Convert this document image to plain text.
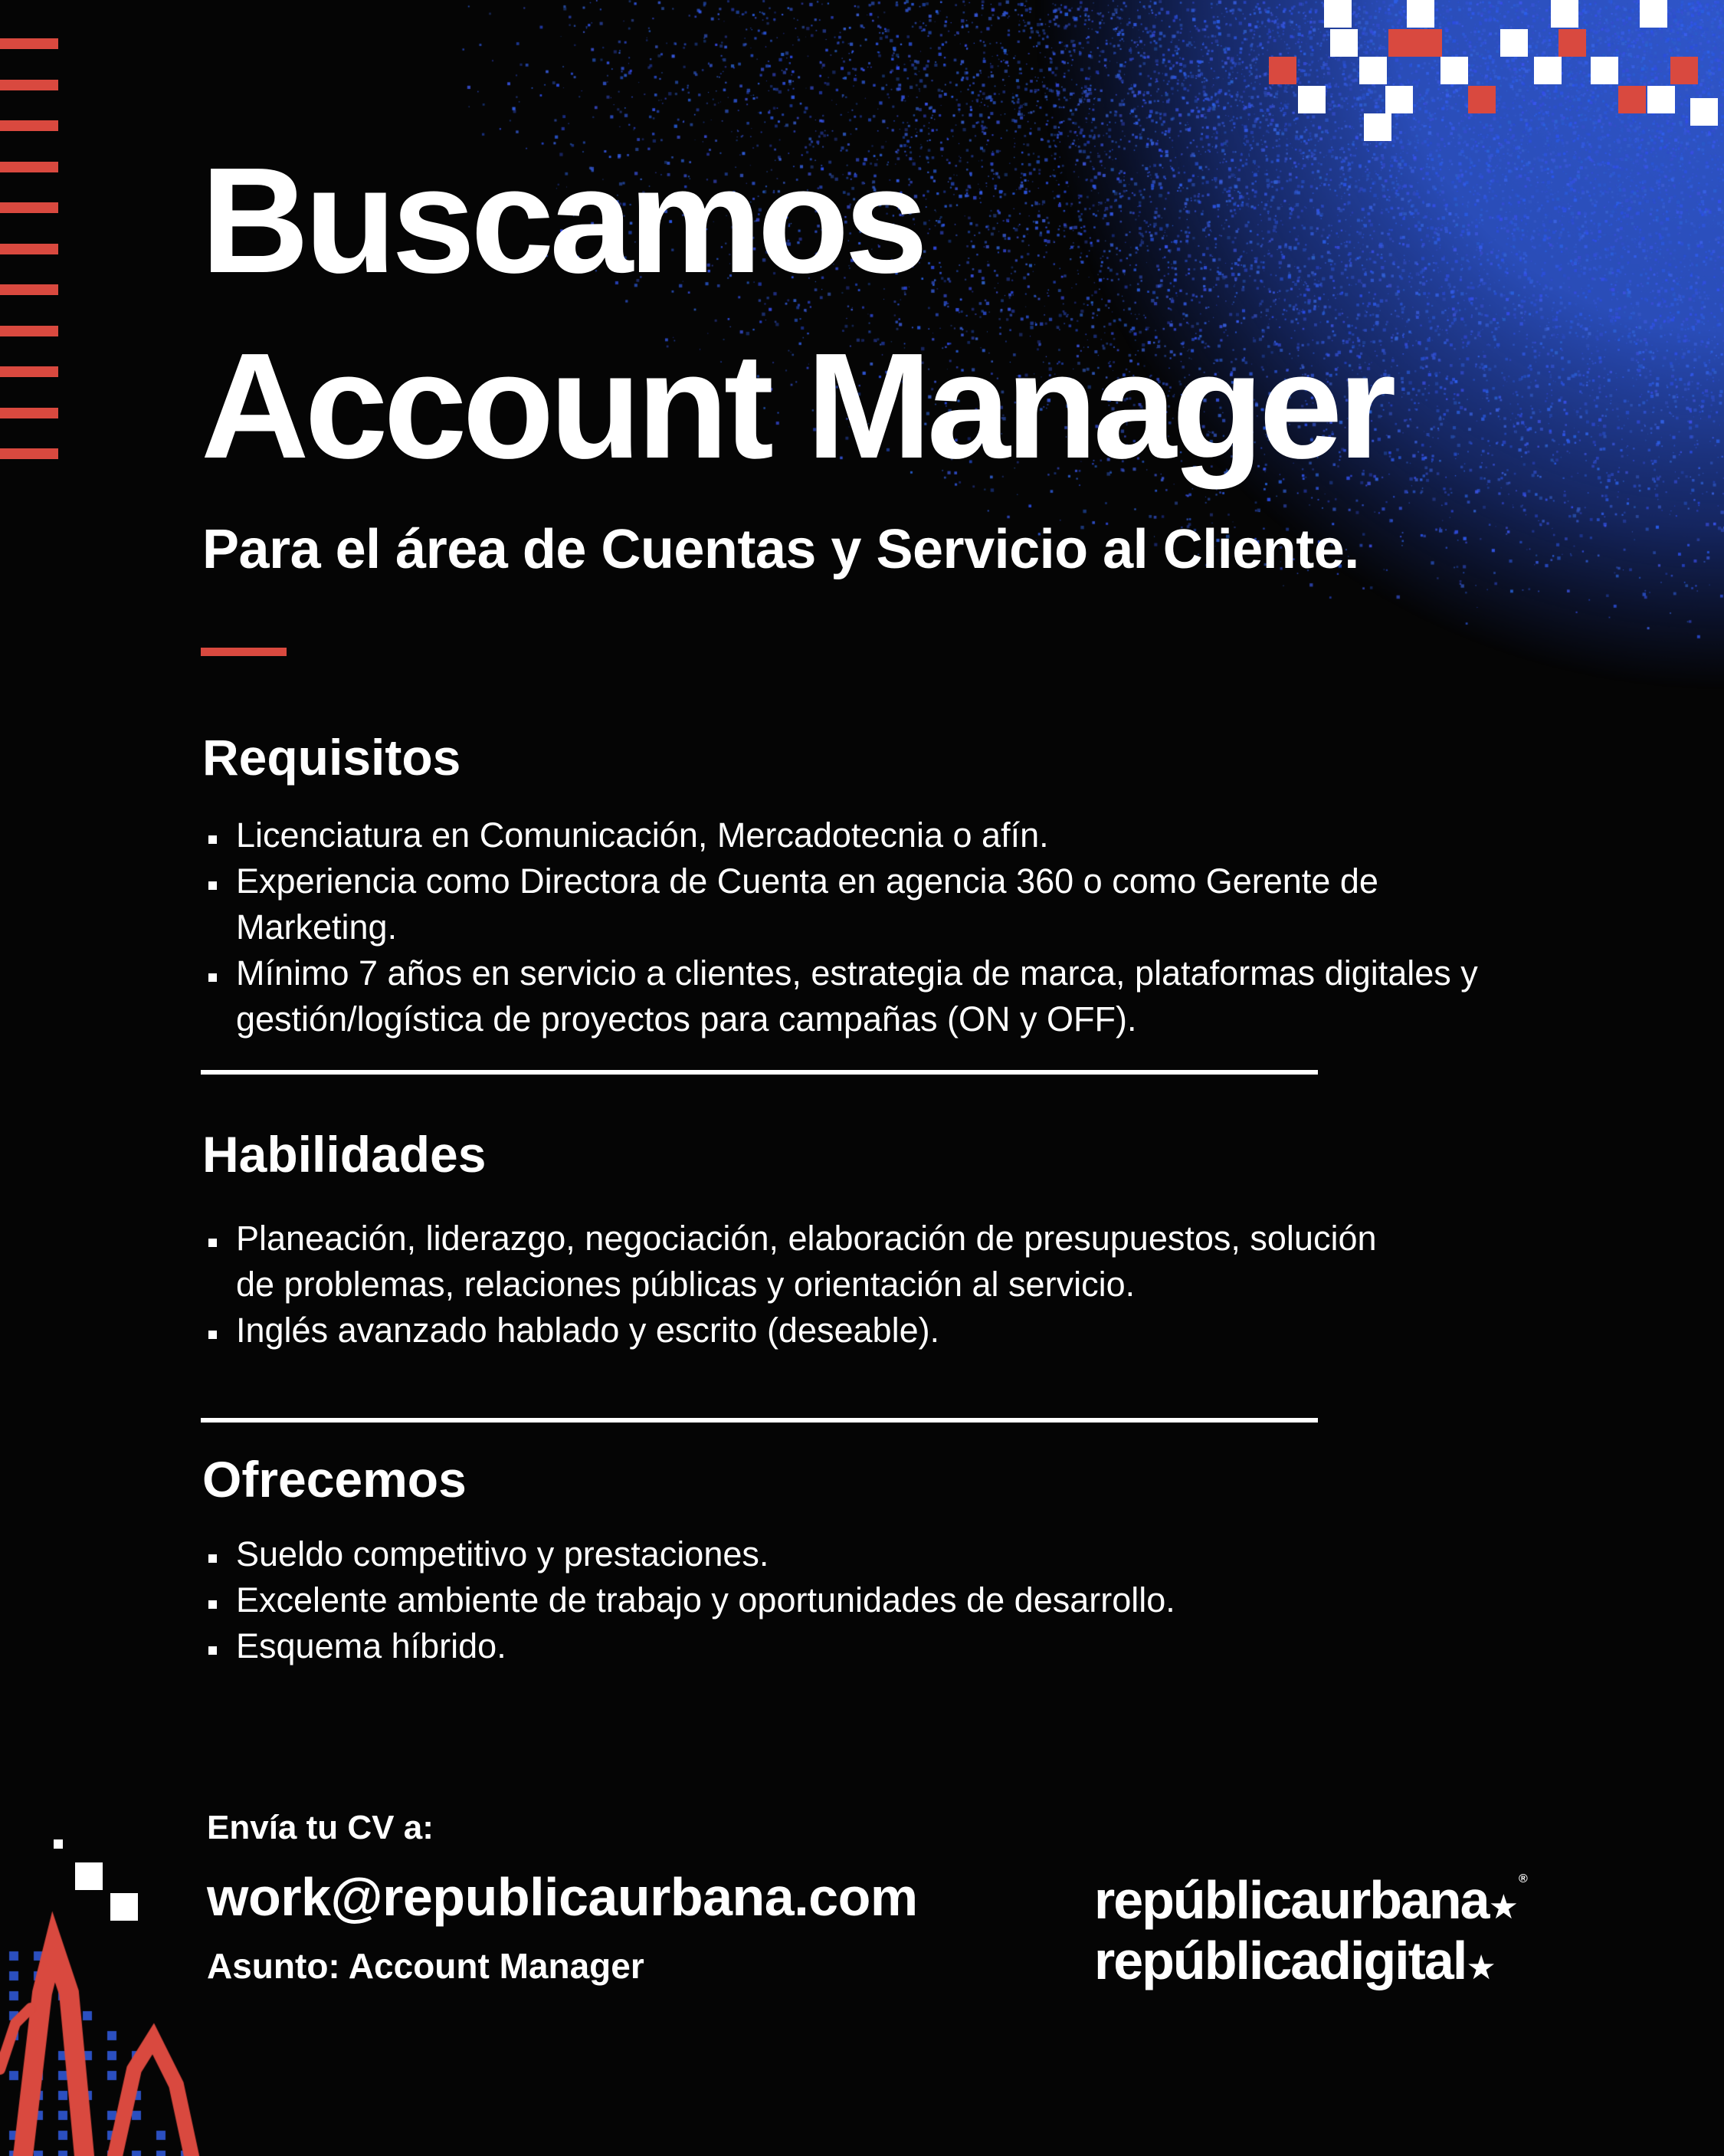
Buscamos
Account Manager
Para el área de Cuentas y Servicio al Cliente.
Requisitos
Licenciatura en Comunicación, Mercadotecnia o afín.
Experiencia como Directora de Cuenta en agencia 360 o como Gerente de Marketing.
Mínimo 7 años en servicio a clientes, estrategia de marca, plataformas digitales y gestión/logística de proyectos para campañas (ON y OFF).
Habilidades
Planeación, liderazgo, negociación, elaboración de presupuestos, solución de problemas, relaciones públicas y orientación al servicio.
Inglés avanzado hablado y escrito (deseable).
Ofrecemos
Sueldo competitivo y prestaciones.
Excelente ambiente de trabajo y oportunidades de desarrollo.
Esquema híbrido.
Envía tu CV a:
work@republicaurbana.com
Asunto: Account Manager
repúblicaurbana★®
repúblicadigital★
